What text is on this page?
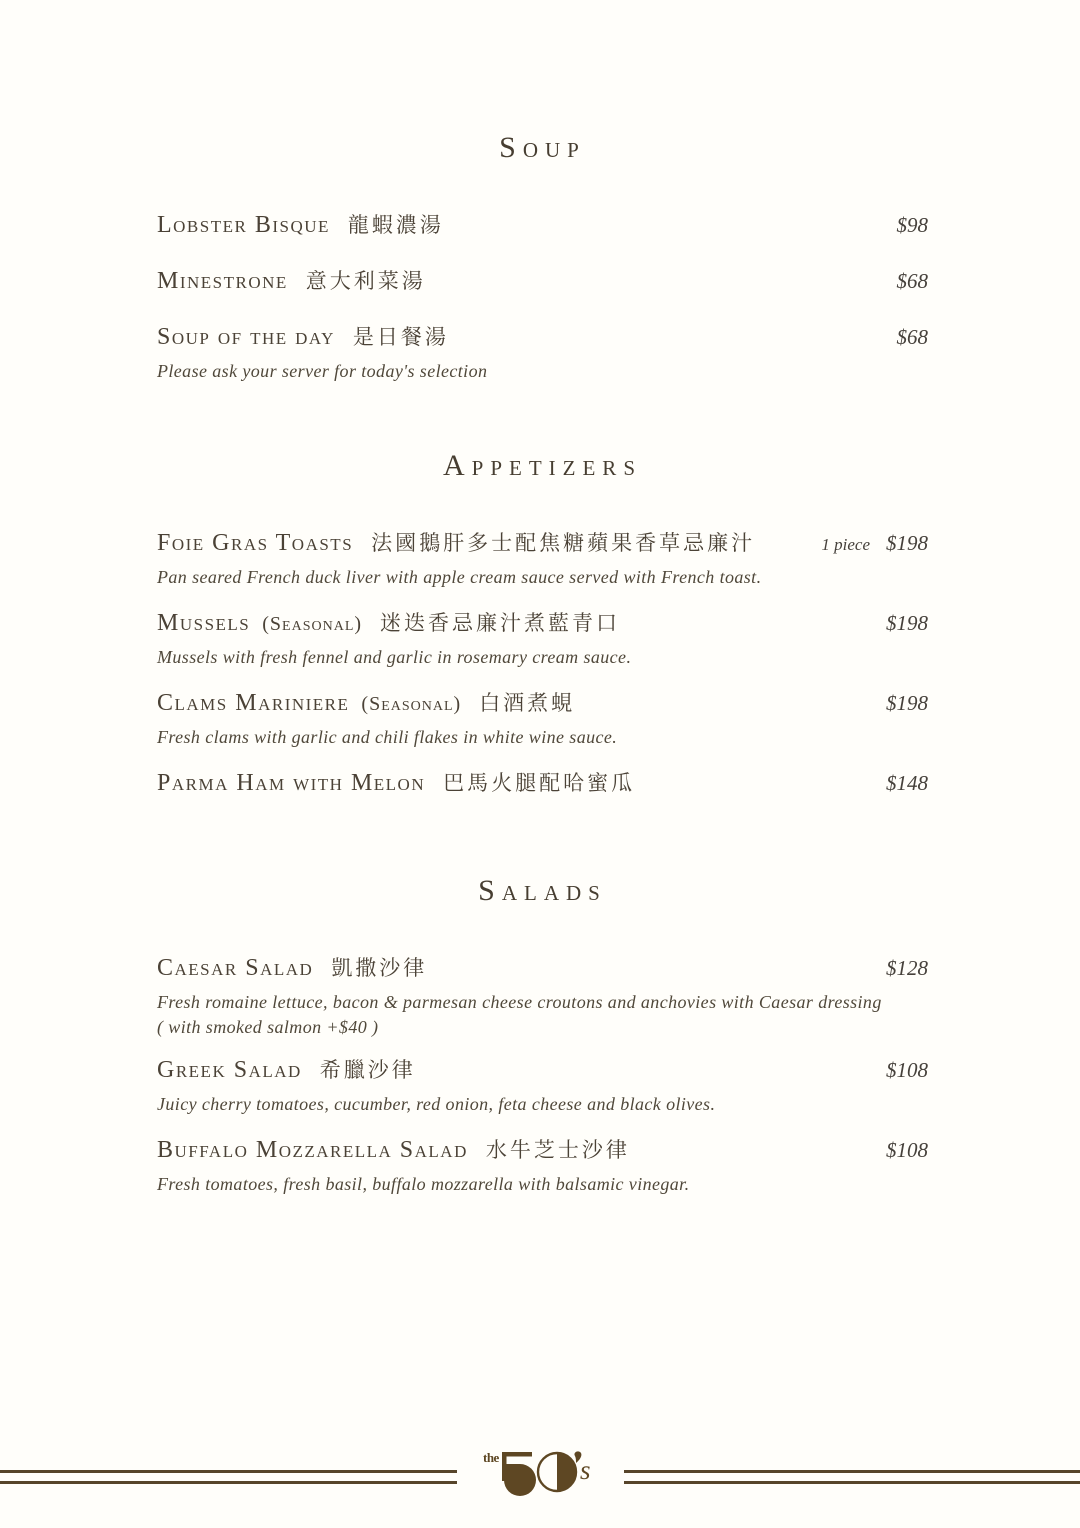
Soup
Lobster Bisque 龍蝦濃湯	$98
Minestrone 意大利菜湯	$68
Soup of the day 是日餐湯	$68

Please ask your server for today's selection

Appetizers
Foie Gras Toasts 法國鵝肝多士配焦糖蘋果香草忌廉汁	1 piece $198

Pan seared French duck liver with apple cream sauce served with French toast.

Mussels (Seasonal) 迷迭香忌廉汁煮藍青口	$198

Mussels with fresh fennel and garlic in rosemary cream sauce.

Clams Mariniere (Seasonal) 白酒煮蜆	$198

Fresh clams with garlic and chili flakes in white wine sauce.

Parma Ham with Melon 巴馬火腿配哈蜜瓜	$148
Salads
Caesar Salad 凱撒沙律	$128

Fresh romaine lettuce, bacon & parmesan cheese croutons and anchovies with Caesar dressing

( with smoked salmon +$40 )

Greek Salad 希臘沙律	$108

Juicy cherry tomatoes, cucumber, red onion, feta cheese and black olives.

Buffalo Mozzarella Salad 水牛芝士沙律	$108

Fresh tomatoes, fresh basil, buffalo mozzarella with balsamic vinegar.

the	s
